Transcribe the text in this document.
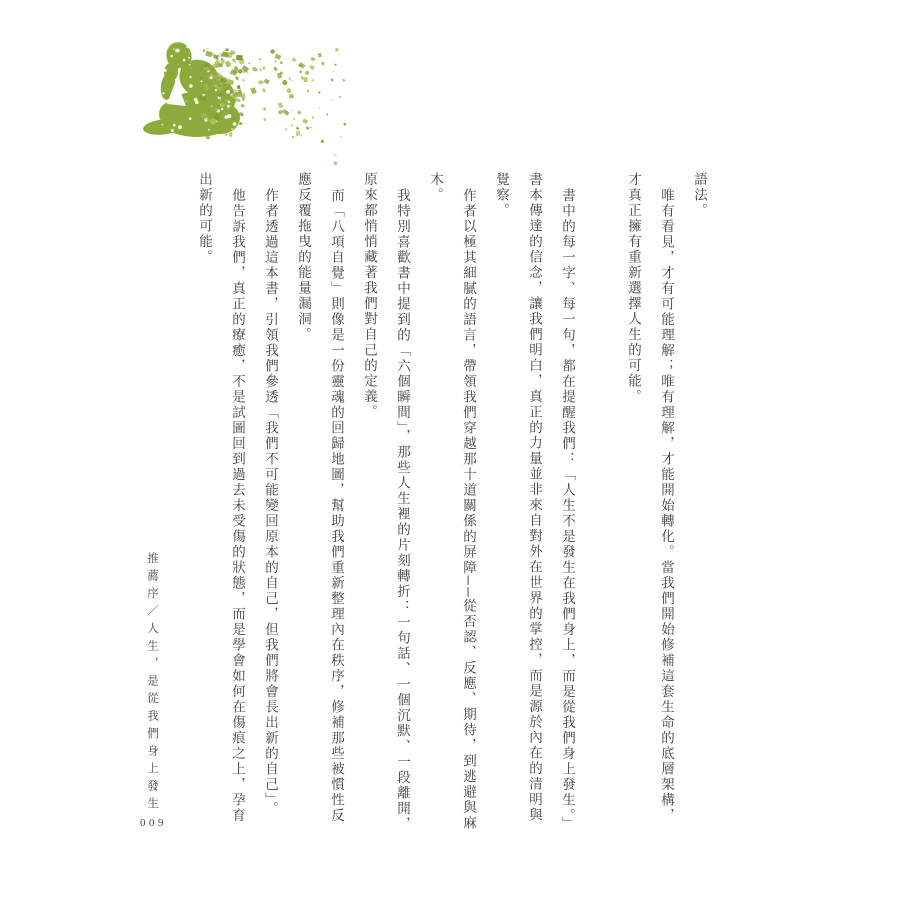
語法。

唯有看見，才有可能理解；唯有理解，才能開始轉化。當我們開始修補這套生命的底層架構，才真正擁有重新選擇人生的可能。

書中的每一字、每一句，都在提醒我們：「人生不是發生在我們身上，而是從我們身上發生。」書本傳達的信念，讓我們明白，真正的力量並非來自對外在世界的掌控，而是源於內在的清明與覺察。

作者以極其細膩的語言，帶領我們穿越那十道關係的屏障──從否認、反應、期待，到逃避與麻木。

我特別喜歡書中提到的「六個瞬間」，那些人生裡的片刻轉折：一句話、一個沉默、一段離開，原來都悄悄藏著我們對自己的定義。

而「八項自覺」則像是一份靈魂的回歸地圖，幫助我們重新整理內在秩序，修補那些被慣性反應反覆拖曳的能量漏洞。

作者透過這本書，引領我們參透「我們不可能變回原本的自己，但我們將會長出新的自己」。

他告訴我們，真正的療癒，不是試圖回到過去未受傷的狀態，而是學會如何在傷痕之上，孕育出新的可能。

推薦序／人生，是從我們身上發生
009
